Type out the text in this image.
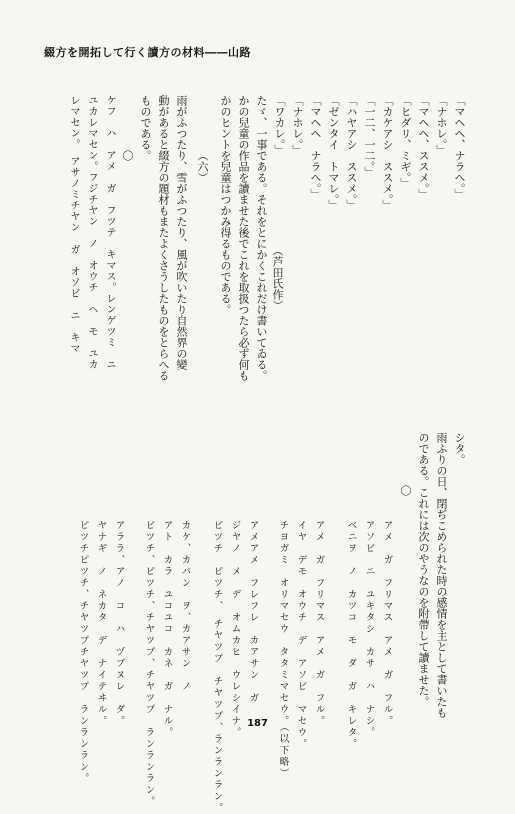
綴方を開拓して行く讀方の材料――山路
「マヘヘ、ナラヘ。」
「ナホレ。」
「マヘヘ、ススメ。」
「ヒダリ、ミギ。」
「カケアシ　ススメ。」
「一二、一二。」
「ハヤアシ　ススメ。」
「ゼンタイ　トマレ。」
「マヘヘ　ナラヘ。」
「ナホレ。」
「ワカレ。」
たゞ、一事である。それをとにかくこれだけ書いてゐる。
かの兒童の作品を讀ませた後でこれを取扱つたら必ず何も
かのヒントを兒童はつかみ得るものである。	（芦田氏作）
（六）
雨がふつたり、雪がふつたり、風が吹いたり自然界の變
動があると綴方の題材もまたよくさうしたものをとらへる
ものである。
〇
ケフ　ハ　アメ　ガ　フツテ　キマス。レンゲツミ　ニ
ユカレマセン。フジチヤン　ノ　オウチ　ヘ　モ　ユカ
レマセン。　アサノミチヤン　ガ　オソビ　ニ　キマ
シタ。
雨ふりの日、閉ぢこめられた時の感情を主として書いたも
のである。これには次のやうなのを附帶して讀ませた。
〇
アメ　ガ　フリマス　アメ　ガ　フル。
アソビ　ニ　ユキタシ　カサ　ハ　ナシ。
ベニヲ　ノ　カツコ　モ　ダ　ガ　キレタ。
アメ　ガ　フリマス　アメ　ガ　フル。
イヤ　デモ　オウチ　デ　アソビ　マセウ。
チヨガミ　オリマセウ　タタミマセウ。（以下略）
アメアメ　フレフレ　カアサン　ガ
ジヤノ　メ　デ　オムカヒ　ウレシイナ。
ピツチ　ピツチ、　チヤツプ　チヤツプ、ランランラン。
カケ、カバン　ヲ、カアサン　ノ
アト　カラ　ユコユコ　カネ　ガ　ナル。
ピツチ、ピツチ、チヤツプ、チヤツプ　ランランラン。
アララ、アノ　コ　ハ　ヅブヌレ　ダ。
ヤナギ　ノ　ネカタ　デ　ナイテヰル。
ピツチピツチ、チヤツプチヤツプ　ランランラン。	187
